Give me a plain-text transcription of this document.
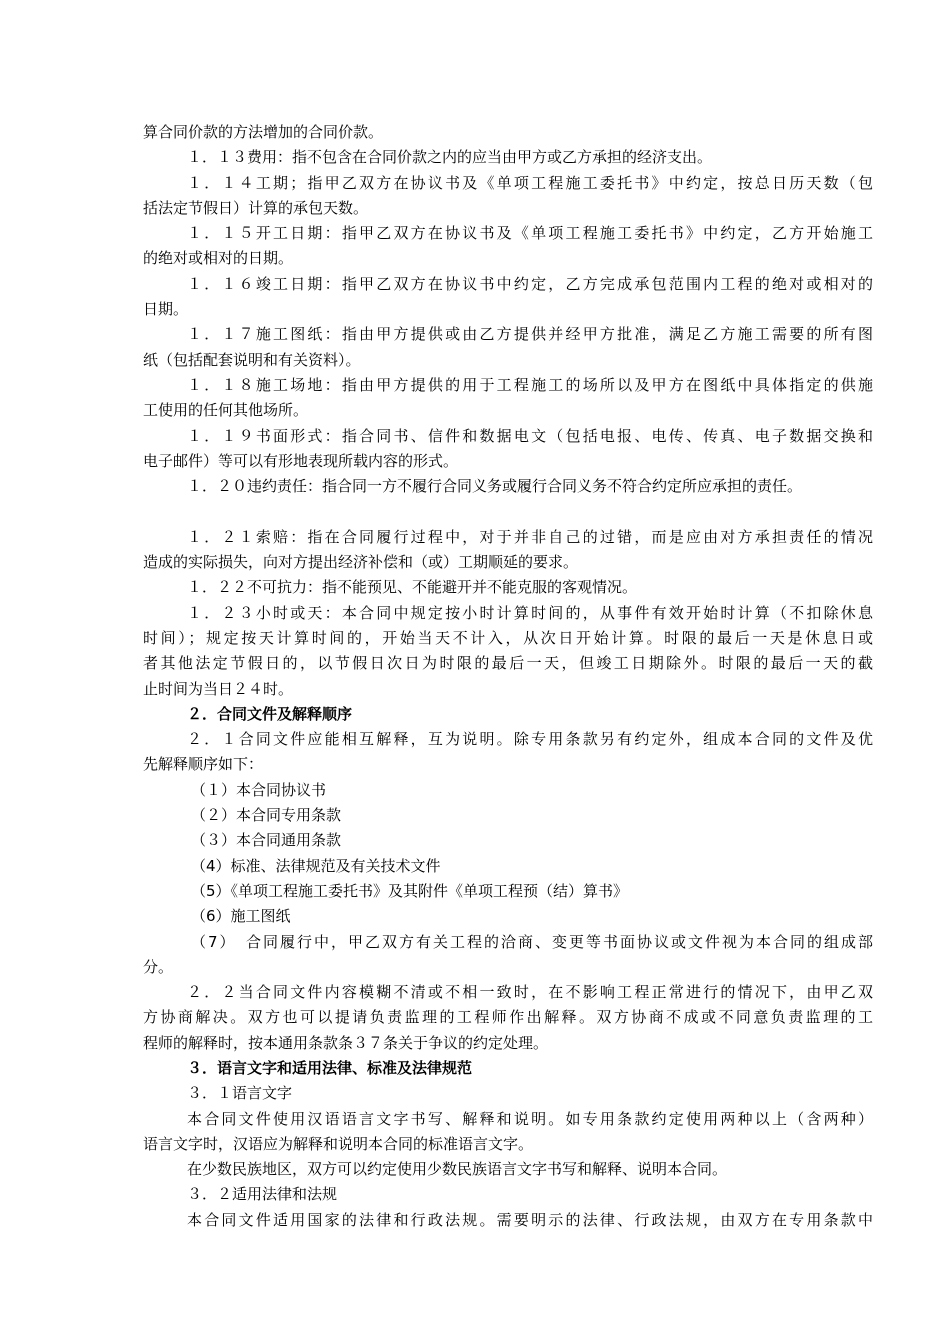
算合同价款的方法增加的合同价款。
１．１３费用：指不包含在合同价款之内的应当由甲方或乙方承担的经济支出。
１．１４工期；指甲乙双方在协议书及《单项工程施工委托书》中约定，按总日历天数（包
括法定节假日）计算的承包天数。
１．１５开工日期：指甲乙双方在协议书及《单项工程施工委托书》中约定，乙方开始施工
的绝对或相对的日期。
１．１６竣工日期：指甲乙双方在协议书中约定，乙方完成承包范围内工程的绝对或相对的
日期。
１．１７施工图纸：指由甲方提供或由乙方提供并经甲方批准，满足乙方施工需要的所有图
纸（包括配套说明和有关资料）。
１．１８施工场地：指由甲方提供的用于工程施工的场所以及甲方在图纸中具体指定的供施
工使用的任何其他场所。
１．１９书面形式：指合同书、信件和数据电文（包括电报、电传、传真、电子数据交换和
电子邮件）等可以有形地表现所载内容的形式。
１．２０违约责任：指合同一方不履行合同义务或履行合同义务不符合约定所应承担的责任。
１．２１索赔：指在合同履行过程中，对于并非自己的过错，而是应由对方承担责任的情况
造成的实际损失，向对方提出经济补偿和（或）工期顺延的要求。
１．２２不可抗力：指不能预见、不能避开并不能克服的客观情况。
１．２３小时或天：本合同中规定按小时计算时间的，从事件有效开始时计算（不扣除休息
时间）；规定按天计算时间的，开始当天不计入，从次日开始计算。时限的最后一天是休息日或
者其他法定节假日的，以节假日次日为时限的最后一天，但竣工日期除外。时限的最后一天的截
止时间为当日２４时。
２．合同文件及解释顺序
２．１合同文件应能相互解释，互为说明。除专用条款另有约定外，组成本合同的文件及优
先解释顺序如下：
（１）本合同协议书
（２）本合同专用条款
（３）本合同通用条款
（4）标准、法律规范及有关技术文件
（5）《单项工程施工委托书》及其附件《单项工程预（结）算书》
（6）施工图纸
（7）　合同履行中，甲乙双方有关工程的洽商、变更等书面协议或文件视为本合同的组成部
分。
２．２当合同文件内容模糊不清或不相一致时，在不影响工程正常进行的情况下，由甲乙双
方协商解决。双方也可以提请负责监理的工程师作出解释。双方协商不成或不同意负责监理的工
程师的解释时，按本通用条款条３７条关于争议的约定处理。
３．语言文字和适用法律、标准及法律规范
３．１语言文字
本合同文件使用汉语语言文字书写、解释和说明。如专用条款约定使用两种以上（含两种）
语言文字时，汉语应为解释和说明本合同的标准语言文字。
在少数民族地区，双方可以约定使用少数民族语言文字书写和解释、说明本合同。
３．２适用法律和法规
本合同文件适用国家的法律和行政法规。需要明示的法律、行政法规，由双方在专用条款中
